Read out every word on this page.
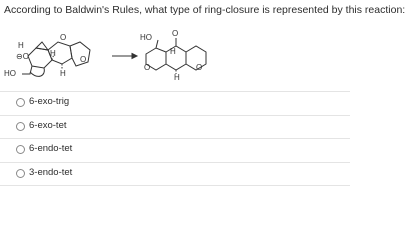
According to Baldwin's Rules, what type of ring-closure is represented by this reaction:
H
⊖O
O
H
O
H
HO
HO	O
H
O
H
O
6-exo-trig
6-exo-tet
6-endo-tet
3-endo-tet
